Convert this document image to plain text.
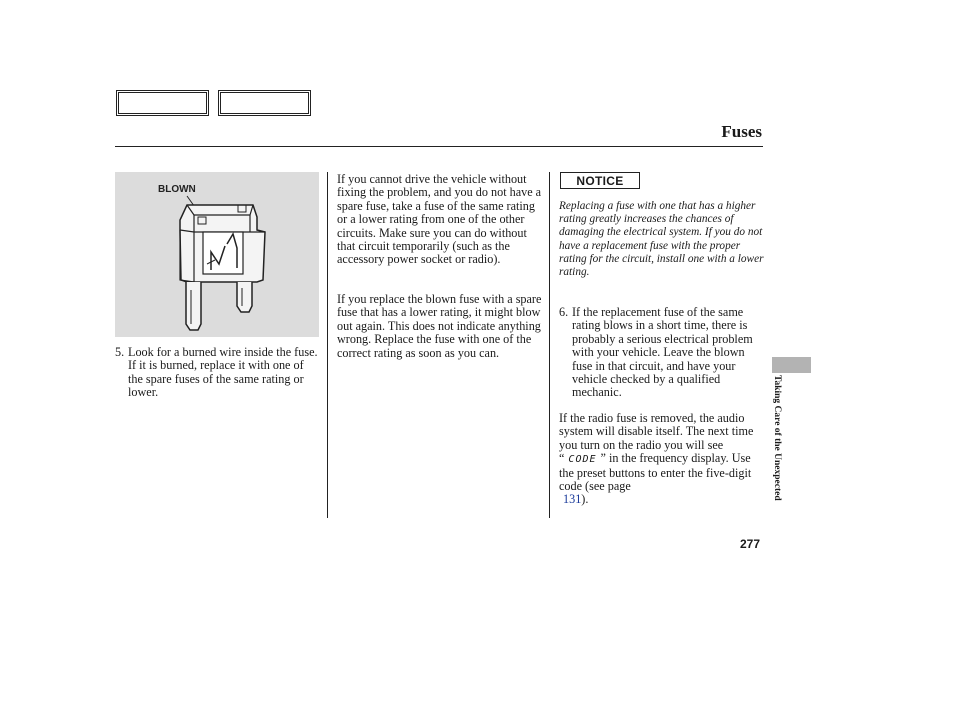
Fuses
BLOWN
5. Look for a burned wire inside the fuse. If it is burned, replace it with one of the spare fuses of the same rating or lower.
If you cannot drive the vehicle without fixing the problem, and you do not have a spare fuse, take a fuse of the same rating or a lower rating from one of the other circuits. Make sure you can do without that circuit temporarily (such as the accessory power socket or radio).
If you replace the blown fuse with a spare fuse that has a lower rating, it might blow out again. This does not indicate anything wrong. Replace the fuse with one of the correct rating as soon as you can.
NOTICE
Replacing a fuse with one that has a higher rating greatly increases the chances of damaging the electrical system. If you do not have a replacement fuse with the proper rating for the circuit, install one with a lower rating.
6. If the replacement fuse of the same rating blows in a short time, there is probably a serious electrical problem with your vehicle. Leave the blown fuse in that circuit, and have your vehicle checked by a qualified mechanic.
If the radio fuse is removed, the audio system will disable itself. The next time you turn on the radio you will see “ CODE ” in the frequency display. Use the preset buttons to enter the five-digit code (see page
131).	Taking Care of the Unexpected
277
